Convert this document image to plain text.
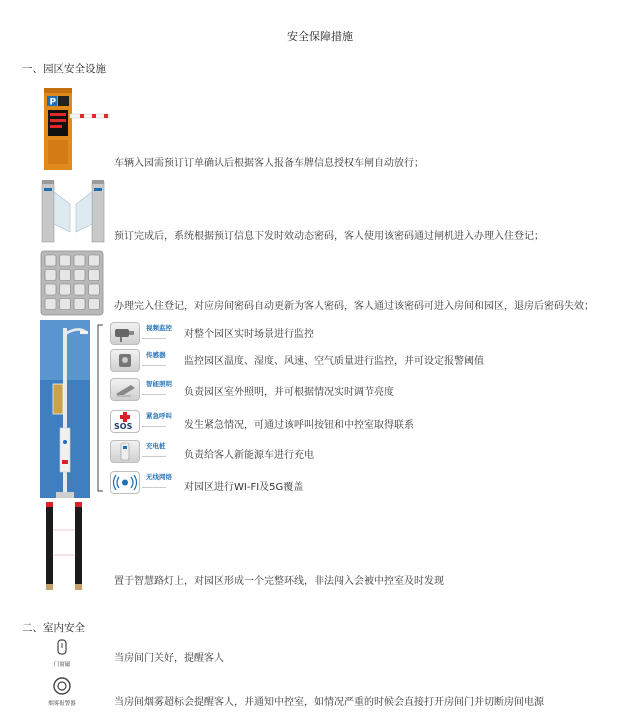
安全保障措施
一、园区安全设施
P
车辆入园需预订订单确认后根据客人报备车牌信息授权车闸自动放行；
预订完成后，系统根据预订信息下发时效动态密码，客人使用该密码通过闸机进入办理入住登记；
办理完入住登记，对应房间密码自动更新为客人密码，客人通过该密码可进入房间和园区，退房后密码失效；
视频监控
▁▁▁▁▁▁▁▁ 对整个园区实时场景进行监控
传感器
▁▁▁▁▁▁▁▁ 监控园区温度、湿度、风速、空气质量进行监控，并可设定报警阈值
智能照明
▁▁▁▁▁▁▁▁ 负责园区室外照明，并可根据情况实时调节亮度
SOS
紧急呼叫
▁▁▁▁▁▁▁▁ 发生紧急情况，可通过该呼叫按钮和中控室取得联系
充电桩
▁▁▁▁▁▁▁▁ 负责给客人新能源车进行充电
无线网络
▁▁▁▁▁▁▁▁ 对园区进行WI-FI及5G覆盖
置于智慧路灯上，对园区形成一个完整环线，非法闯入会被中控室及时发现
二、室内安全
门窗磁
当房间门关好，提醒客人
烟雾报警器	当房间烟雾超标会提醒客人，并通知中控室，如情况严重的时候会直接打开房间门并切断房间电源
